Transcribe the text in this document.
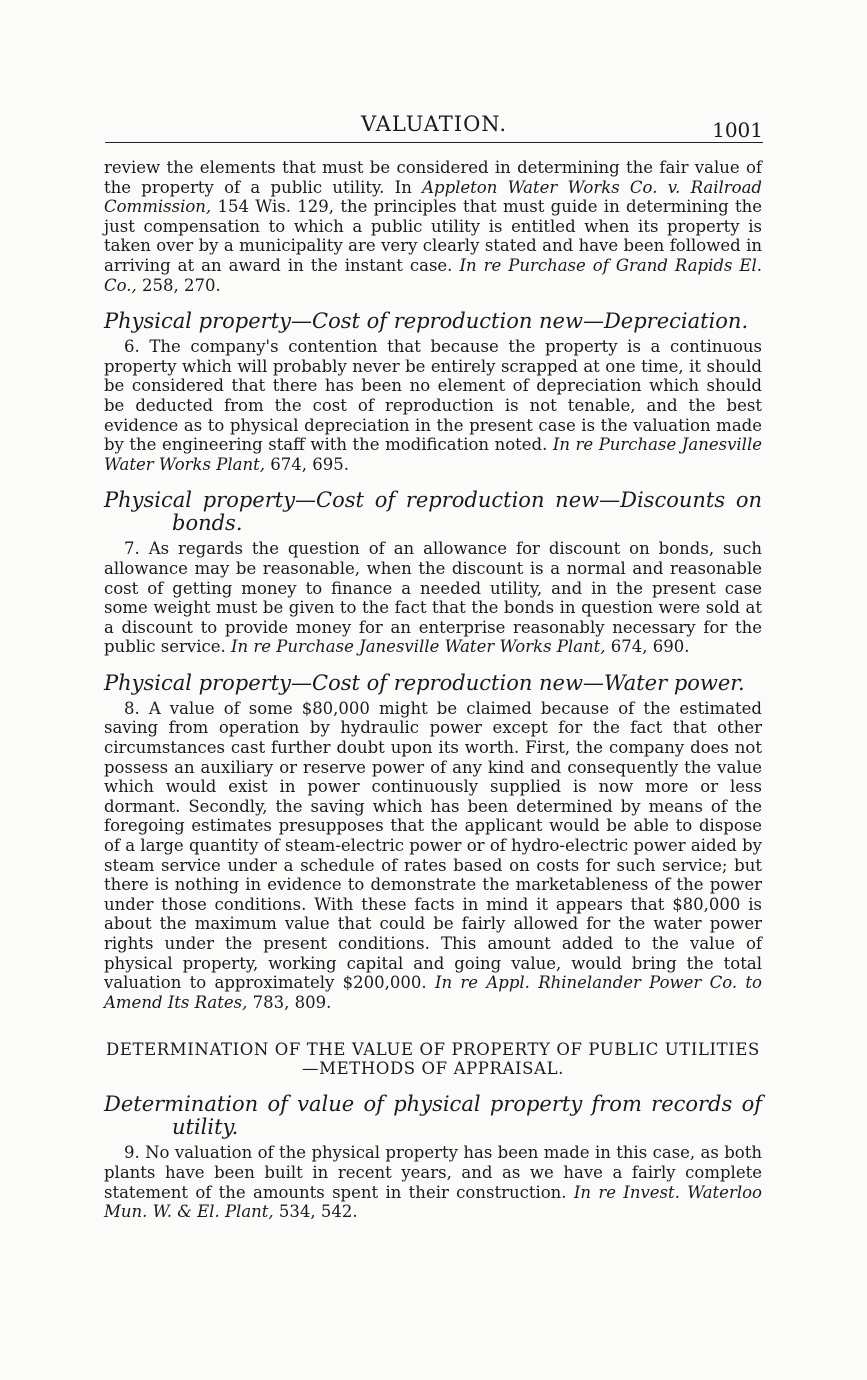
VALUATION.	1001

review the elements that must be considered in determining the fair value of the property of a public utility. In Appleton Water Works Co. v. Railroad Commission, 154 Wis. 129, the principles that must guide in determining the just compensation to which a public utility is entitled when its property is taken over by a municipality are very clearly stated and have been followed in arriving at an award in the instant case. In re Purchase of Grand Rapids El. Co., 258, 270.

Physical property—Cost of reproduction new—Depreciation.

6. The company's contention that because the property is a continuous property which will probably never be entirely scrapped at one time, it should be considered that there has been no element of depreciation which should be deducted from the cost of reproduction is not tenable, and the best evidence as to physical depreciation in the present case is the valuation made by the engineering staff with the modification noted. In re Purchase Janesville Water Works Plant, 674, 695.

Physical property—Cost of reproduction new—Discounts on bonds.

7. As regards the question of an allowance for discount on bonds, such allowance may be reasonable, when the discount is a normal and reasonable cost of getting money to finance a needed utility, and in the present case some weight must be given to the fact that the bonds in question were sold at a discount to provide money for an enterprise reasonably necessary for the public service. In re Purchase Janesville Water Works Plant, 674, 690.

Physical property—Cost of reproduction new—Water power.

8. A value of some $80,000 might be claimed because of the estimated saving from operation by hydraulic power except for the fact that other circumstances cast further doubt upon its worth. First, the company does not possess an auxiliary or reserve power of any kind and consequently the value which would exist in power continuously supplied is now more or less dormant. Secondly, the saving which has been determined by means of the foregoing estimates presupposes that the applicant would be able to dispose of a large quantity of steam-electric power or of hydro-electric power aided by steam service under a schedule of rates based on costs for such service; but there is nothing in evidence to demonstrate the marketableness of the power under those conditions. With these facts in mind it appears that $80,000 is about the maximum value that could be fairly allowed for the water power rights under the present conditions. This amount added to the value of physical property, working capital and going value, would bring the total valuation to approximately $200,000. In re Appl. Rhinelander Power Co. to Amend Its Rates, 783, 809.

DETERMINATION OF THE VALUE OF PROPERTY OF PUBLIC UTILITIES—METHODS OF APPRAISAL.
Determination of value of physical property from records of utility.

9. No valuation of the physical property has been made in this case, as both plants have been built in recent years, and as we have a fairly complete statement of the amounts spent in their construction. In re Invest. Waterloo Mun. W. & El. Plant, 534, 542.
